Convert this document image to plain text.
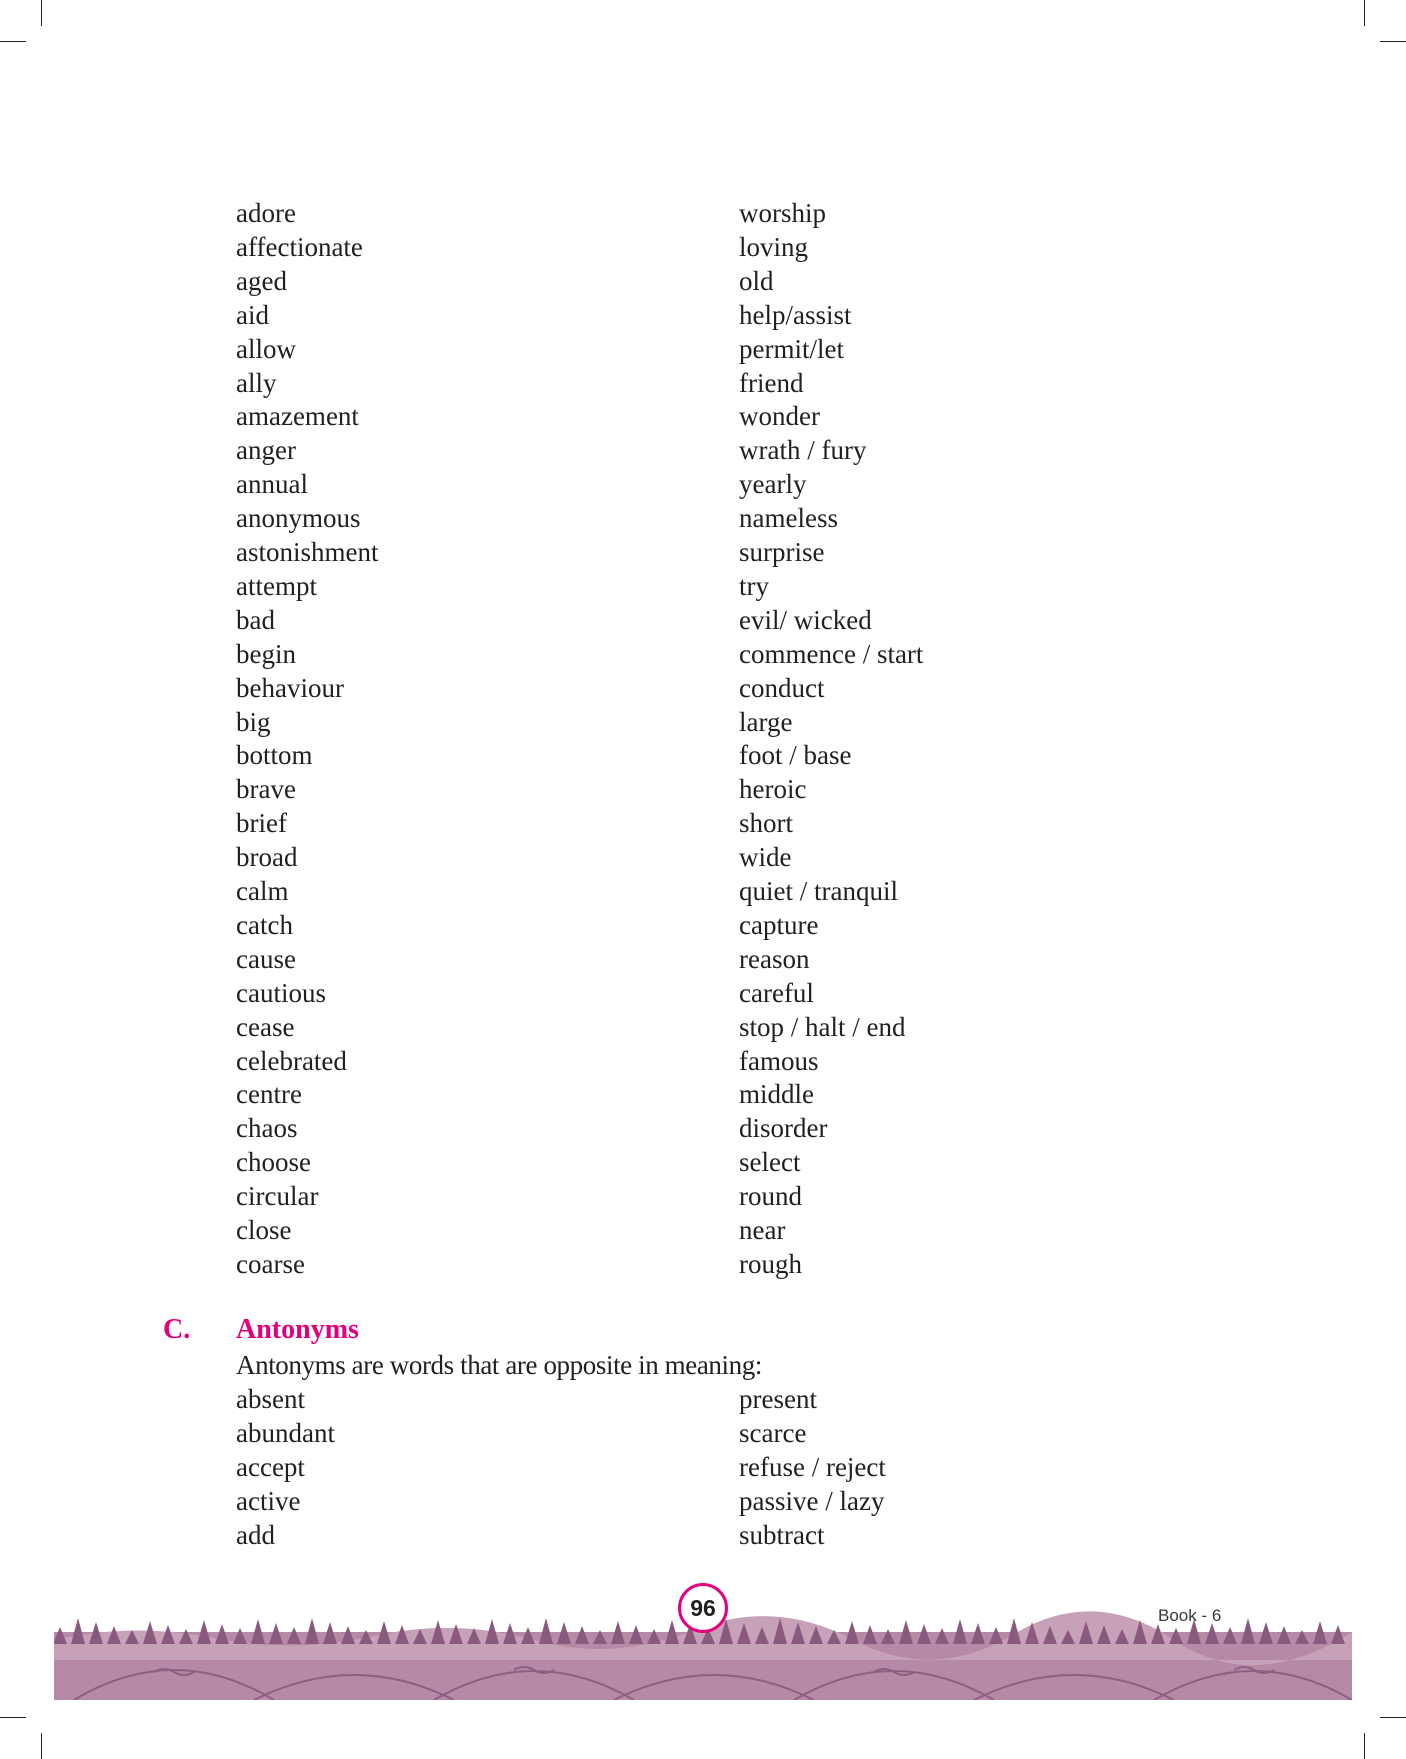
adore	worship
affectionate	loving
aged	old
aid	help/assist
allow	permit/let
ally	friend
amazement	wonder
anger	wrath / fury
annual	yearly
anonymous	nameless
astonishment	surprise
attempt	try
bad	evil/ wicked
begin	commence / start
behaviour	conduct
big	large
bottom	foot / base
brave	heroic
brief	short
broad	wide
calm	quiet / tranquil
catch	capture
cause	reason
cautious	careful
cease	stop / halt / end
celebrated	famous
centre	middle
chaos	disorder
choose	select
circular	round
close	near
coarse	rough
C. Antonyms
Antonyms are words that are opposite in meaning:
absent	present
abundant	scarce
accept	refuse / reject
active	passive / lazy
add	subtract
96	Book - 6
